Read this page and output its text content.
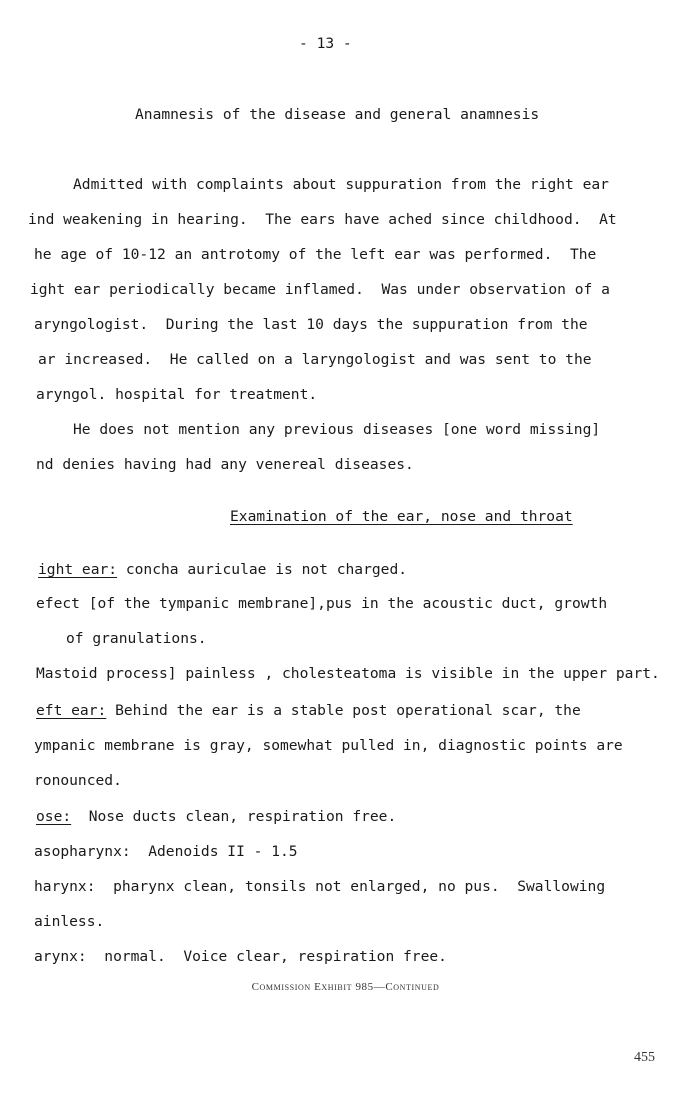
- 13 -
Anamnesis of the disease and general anamnesis
Admitted with complaints about suppuration from the right ear
ind weakening in hearing.  The ears have ached since childhood.  At
he age of 10-12 an antrotomy of the left ear was performed.  The
ight ear periodically became inflamed.  Was under observation of a
aryngologist.  During the last 10 days the suppuration from the
ar increased.  He called on a laryngologist and was sent to the
aryngol. hospital for treatment.
He does not mention any previous diseases [one word missing]
nd denies having had any venereal diseases.
Examination of the ear, nose and throat
ight ear: concha auriculae is not charged.
efect [of the tympanic membrane],pus in the acoustic duct, growth
of granulations.
Mastoid process] painless , cholesteatoma is visible in the upper part.
eft ear: Behind the ear is a stable post operational scar, the
ympanic membrane is gray, somewhat pulled in, diagnostic points are
ronounced.
ose:  Nose ducts clean, respiration free.
asopharynx:  Adenoids II - 1.5
harynx:  pharynx clean, tonsils not enlarged, no pus.  Swallowing
ainless.
arynx:  normal.  Voice clear, respiration free.
Commission Exhibit 985—Continued
455
